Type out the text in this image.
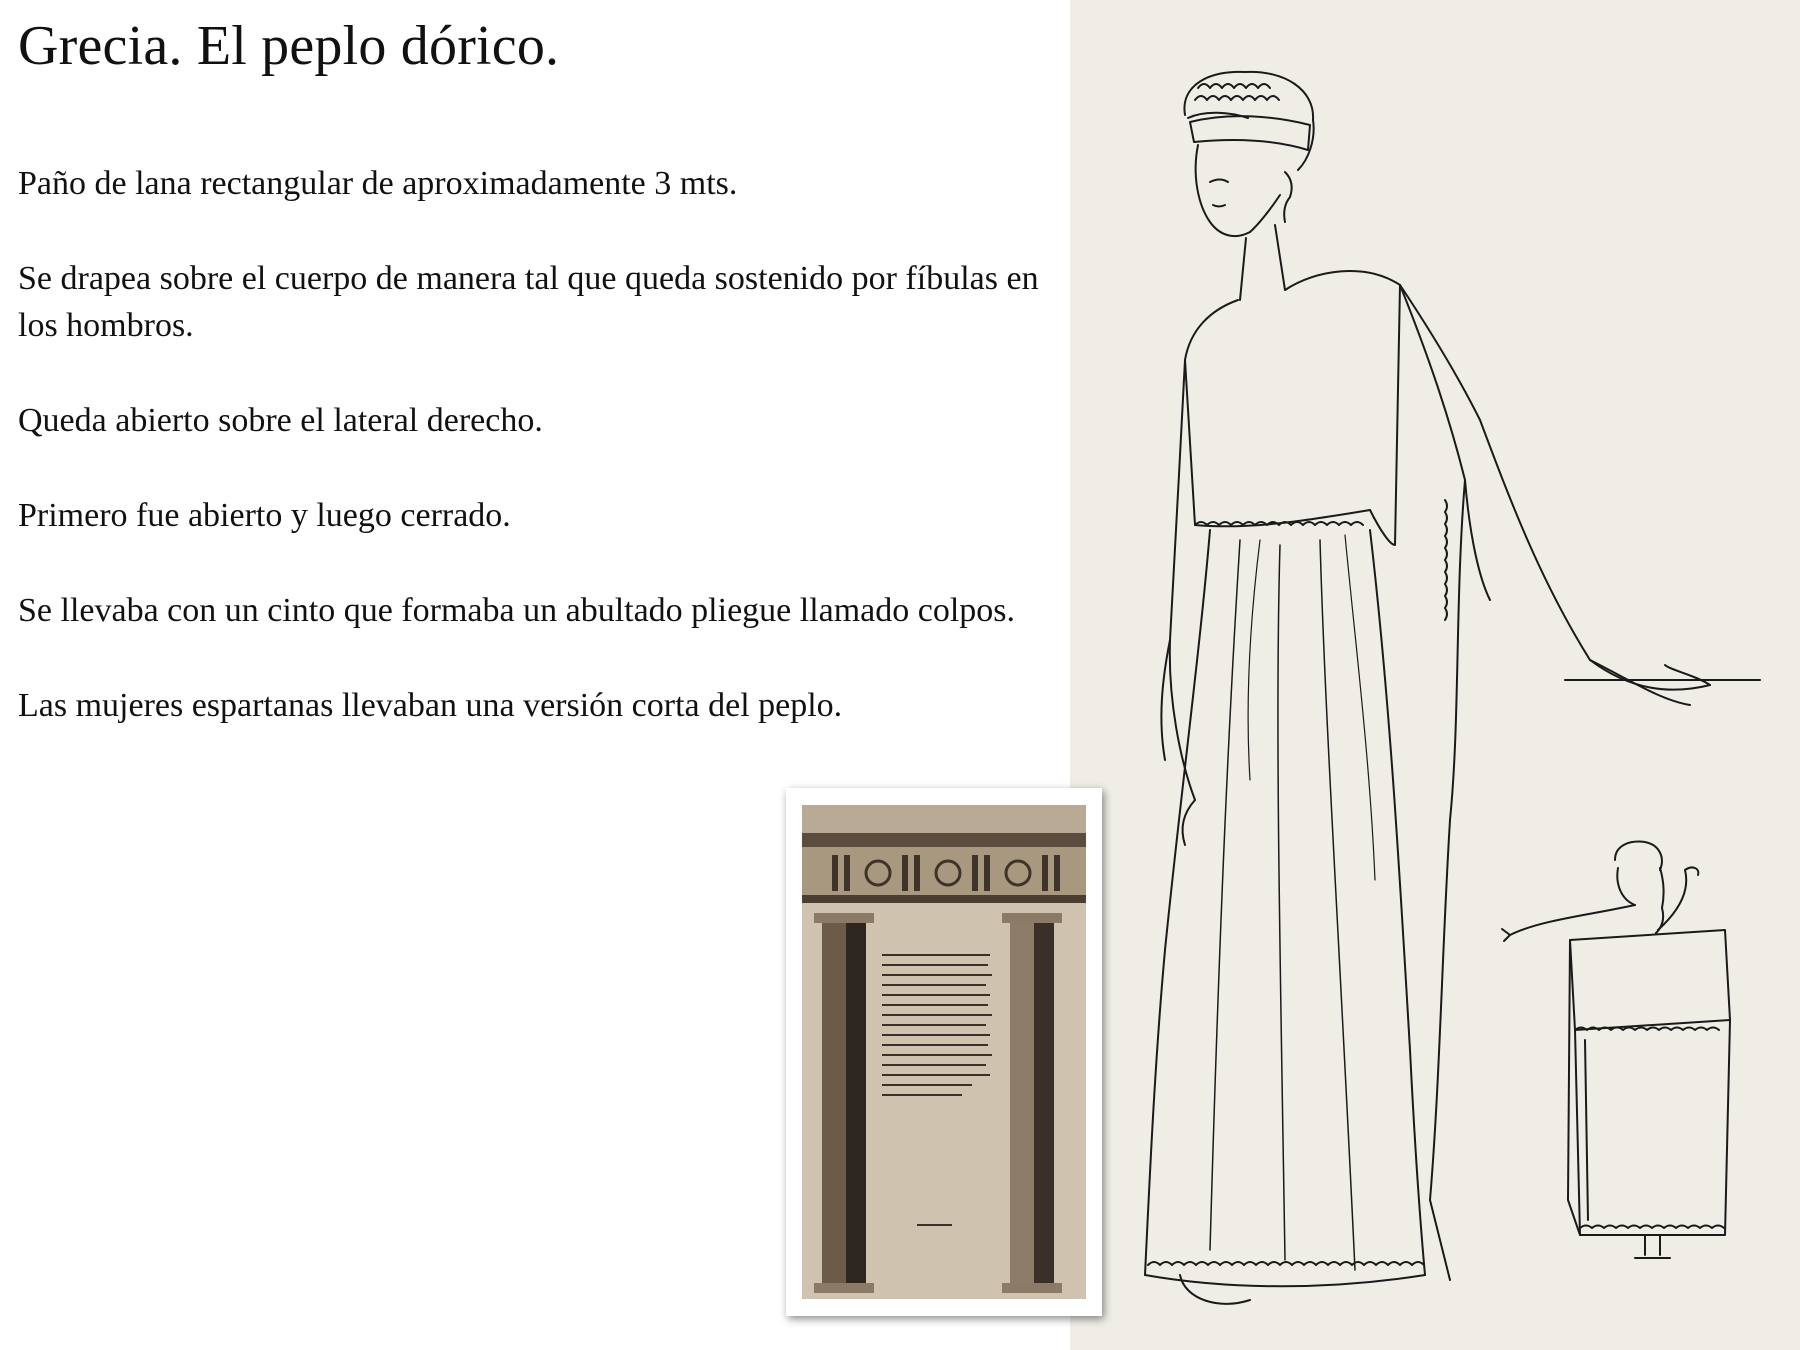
Grecia. El peplo dórico.

Paño de lana rectangular de aproximadamente 3 mts.

Se drapea sobre el cuerpo de manera tal que queda sostenido por fíbulas en los hombros.

Queda abierto sobre el lateral derecho.

Primero fue abierto y luego cerrado.

Se llevaba con un cinto que formaba un abultado pliegue llamado colpos.

Las mujeres espartanas llevaban una versión corta del peplo.
